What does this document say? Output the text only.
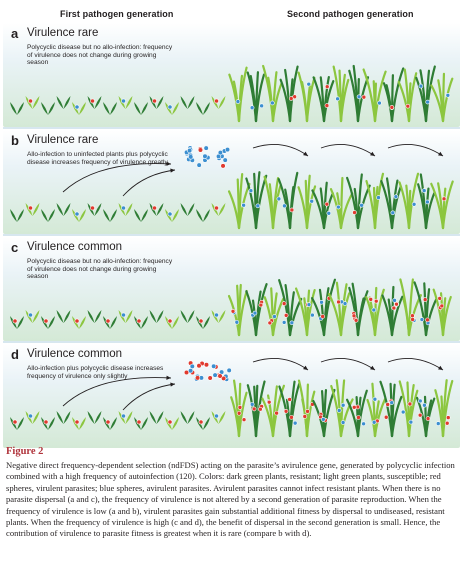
First pathogen generation	Second pathogen generation
a Virulence rare
Polycyclic disease but no allo-infection: frequency of virulence does not change during growing season
b Virulence rare
Allo-infection to uninfected plants plus polycyclic disease increases frequency of virulence greatly
c Virulence common
Polycyclic disease but no allo-infection: frequency of virulence does not change during growing season
d Virulence common
Allo-infection plus polycyclic disease increases frequency of virulence only slightly
Figure 2
Negative direct frequency-dependent selection (ndFDS) acting on the parasite’s avirulence gene, generated by polycyclic infection combined with a high frequency of autoinfection (120). Colors: dark green plants, resistant; light green plants, susceptible; red spheres, virulent parasites; blue spheres, avirulent parasites. Avirulent parasites cannot infect resistant plants. When there is no parasite dispersal (a and c), the frequency of virulence is not altered by a second generation of parasite reproduction. When the frequency of virulence is low (a and b), virulent parasites gain substantial additional fitness by dispersal to undiseased, resistant plants. When the frequency of virulence is high (c and d), the benefit of dispersal in the second generation is small. Hence, the contribution of virulence to parasite fitness is greatest when it is rare (compare b with d).
